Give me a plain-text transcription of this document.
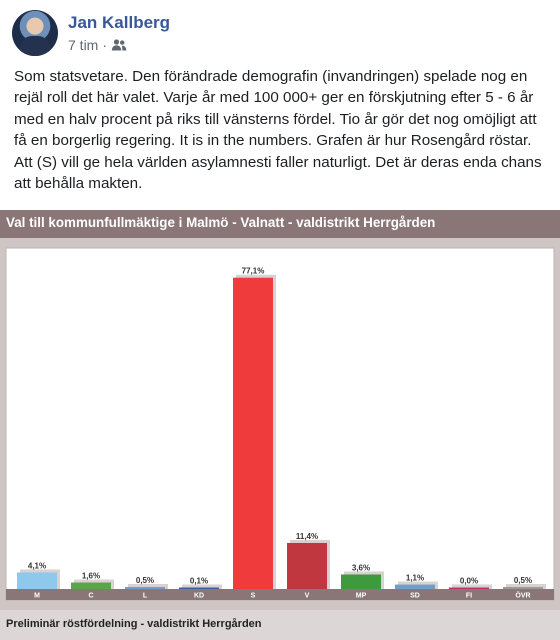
Jan Kallberg
7 tim ·
Som statsvetare. Den förändrade demografin (invandringen) spelade nog en rejäl roll det här valet. Varje år med 100 000+ ger en förskjutning efter 5 - 6 år med en halv procent på riks till vänsterns fördel. Tio år gör det nog omöjligt att få en borgerlig regering. It is in the numbers. Grafen är hur Rosengård röstar. Att (S) vill ge hela världen asylamnesti faller naturligt. Det är deras enda chans att behålla makten.
Val till kommunfullmäktige i Malmö - Valnatt - valdistrikt Herrgården
4,1%
M
1,6%
C
0,5%
L
0,1%
KD
77,1%
S
11,4%
V
3,6%
MP
1,1%
SD
0,0%
FI
0,5%
ÖVR
Preliminär röstfördelning - valdistrikt Herrgården
